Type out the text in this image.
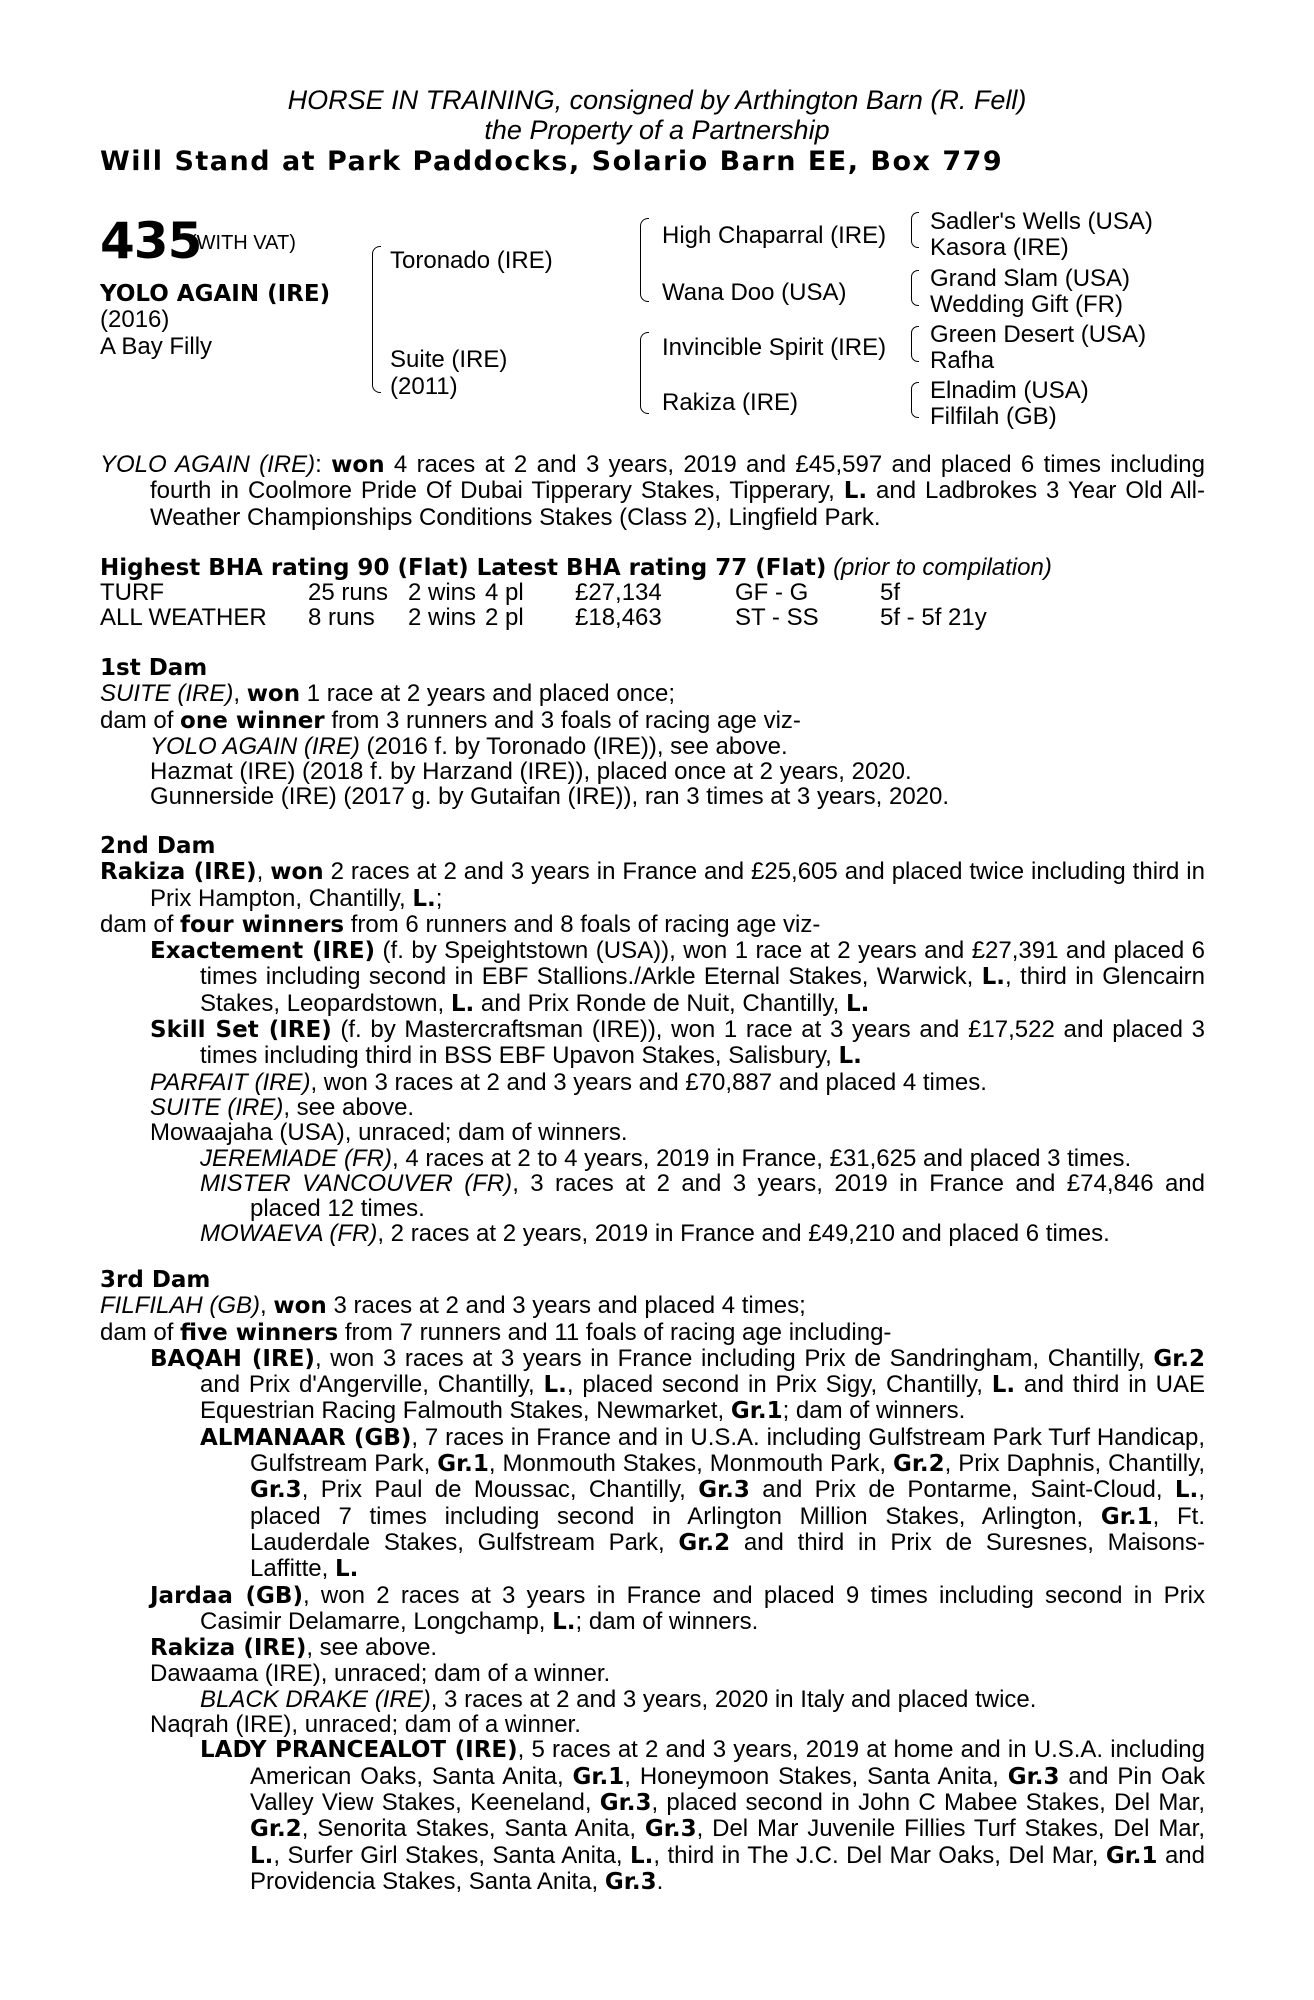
HORSE IN TRAINING, consigned by Arthington Barn (R. Fell)
the Property of a Partnership
Will Stand at Park Paddocks, Solario Barn EE, Box 779
435
(WITH VAT)
YOLO AGAIN (IRE)
(2016)
A Bay Filly
Toronado (IRE)
Suite (IRE)
(2011)
High Chaparral (IRE)
Wana Doo (USA)
Invincible Spirit (IRE)
Rakiza (IRE)
Sadler's Wells (USA)
Kasora (IRE)
Grand Slam (USA)
Wedding Gift (FR)
Green Desert (USA)
Rafha
Elnadim (USA)
Filfilah (GB)

YOLO AGAIN (IRE): won 4 races at 2 and 3 years, 2019 and £45,597 and placed 6 times including fourth in Coolmore Pride Of Dubai Tipperary Stakes, Tipperary, L. and Ladbrokes 3 Year Old All-Weather Championships Conditions Stakes (Class 2), Lingfield Park.

Highest BHA rating 90 (Flat) Latest BHA rating 77 (Flat) (prior to compilation)
TURF	25 runs 2 wins 4 pl £27,134	GF - G	5f
ALL WEATHER 8 runs 2 wins 2 pl £18,463	ST - SS	5f - 5f 21y

1st Dam

SUITE (IRE), won 1 race at 2 years and placed once;

dam of one winner from 3 runners and 3 foals of racing age viz-

YOLO AGAIN (IRE) (2016 f. by Toronado (IRE)), see above.

Hazmat (IRE) (2018 f. by Harzand (IRE)), placed once at 2 years, 2020.

Gunnerside (IRE) (2017 g. by Gutaifan (IRE)), ran 3 times at 3 years, 2020.

2nd Dam

Rakiza (IRE), won 2 races at 2 and 3 years in France and £25,605 and placed twice including third in Prix Hampton, Chantilly, L.;

dam of four winners from 6 runners and 8 foals of racing age viz-

Exactement (IRE) (f. by Speightstown (USA)), won 1 race at 2 years and £27,391 and placed 6 times including second in EBF Stallions./Arkle Eternal Stakes, Warwick, L., third in Glencairn Stakes, Leopardstown, L. and Prix Ronde de Nuit, Chantilly, L.

Skill Set (IRE) (f. by Mastercraftsman (IRE)), won 1 race at 3 years and £17,522 and placed 3 times including third in BSS EBF Upavon Stakes, Salisbury, L.

PARFAIT (IRE), won 3 races at 2 and 3 years and £70,887 and placed 4 times.

SUITE (IRE), see above.

Mowaajaha (USA), unraced; dam of winners.

JEREMIADE (FR), 4 races at 2 to 4 years, 2019 in France, £31,625 and placed 3 times.

MISTER VANCOUVER (FR), 3 races at 2 and 3 years, 2019 in France and £74,846 and placed 12 times.

MOWAEVA (FR), 2 races at 2 years, 2019 in France and £49,210 and placed 6 times.

3rd Dam

FILFILAH (GB), won 3 races at 2 and 3 years and placed 4 times;

dam of five winners from 7 runners and 11 foals of racing age including-

BAQAH (IRE), won 3 races at 3 years in France including Prix de Sandringham, Chantilly, Gr.2 and Prix d'Angerville, Chantilly, L., placed second in Prix Sigy, Chantilly, L. and third in UAE Equestrian Racing Falmouth Stakes, Newmarket, Gr.1; dam of winners.

ALMANAAR (GB), 7 races in France and in U.S.A. including Gulfstream Park Turf Handicap, Gulfstream Park, Gr.1, Monmouth Stakes, Monmouth Park, Gr.2, Prix Daphnis, Chantilly, Gr.3, Prix Paul de Moussac, Chantilly, Gr.3 and Prix de Pontarme, Saint-Cloud, L., placed 7 times including second in Arlington Million Stakes, Arlington, Gr.1, Ft. Lauderdale Stakes, Gulfstream Park, Gr.2 and third in Prix de Suresnes, Maisons-Laffitte, L.

Jardaa (GB), won 2 races at 3 years in France and placed 9 times including second in Prix Casimir Delamarre, Longchamp, L.; dam of winners.

Rakiza (IRE), see above.

Dawaama (IRE), unraced; dam of a winner.

BLACK DRAKE (IRE), 3 races at 2 and 3 years, 2020 in Italy and placed twice.

Naqrah (IRE), unraced; dam of a winner.

LADY PRANCEALOT (IRE), 5 races at 2 and 3 years, 2019 at home and in U.S.A. including American Oaks, Santa Anita, Gr.1, Honeymoon Stakes, Santa Anita, Gr.3 and Pin Oak Valley View Stakes, Keeneland, Gr.3, placed second in John C Mabee Stakes, Del Mar, Gr.2, Senorita Stakes, Santa Anita, Gr.3, Del Mar Juvenile Fillies Turf Stakes, Del Mar, L., Surfer Girl Stakes, Santa Anita, L., third in The J.C. Del Mar Oaks, Del Mar, Gr.1 and Providencia Stakes, Santa Anita, Gr.3.
